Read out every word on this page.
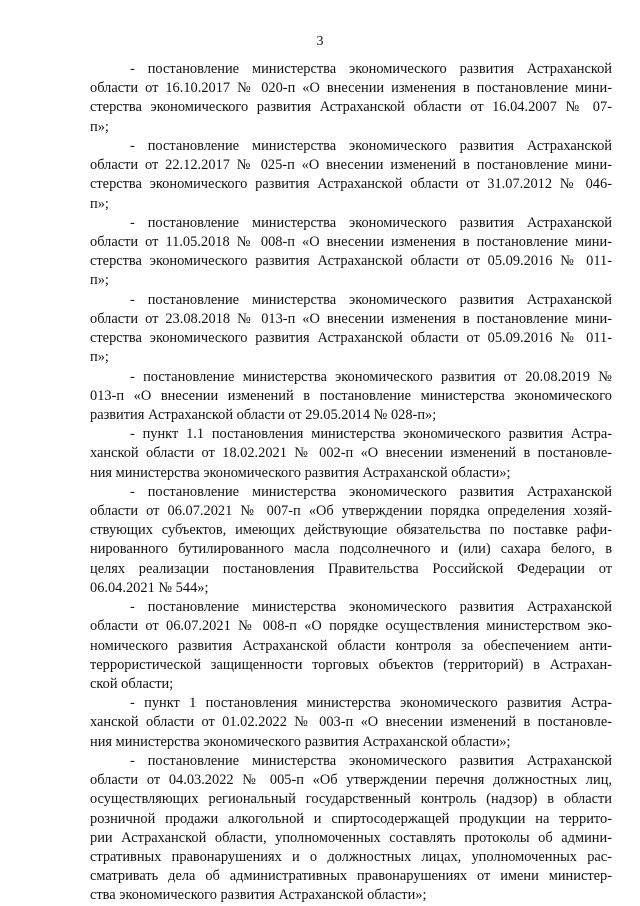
3
- постановление министерства экономического развития Астраханской
области от 16.10.2017 № 020-п «О внесении изменения в постановление мини-
стерства экономического развития Астраханской области от 16.04.2007 № 07-
п»;
- постановление министерства экономического развития Астраханской
области от 22.12.2017 № 025-п «О внесении изменений в постановление мини-
стерства экономического развития Астраханской области от 31.07.2012 № 046-
п»;
- постановление министерства экономического развития Астраханской
области от 11.05.2018 № 008-п «О внесении изменения в постановление мини-
стерства экономического развития Астраханской области от 05.09.2016 № 011-
п»;
- постановление министерства экономического развития Астраханской
области от 23.08.2018 № 013-п «О внесении изменения в постановление мини-
стерства экономического развития Астраханской области от 05.09.2016 № 011-
п»;
- постановление министерства экономического развития от 20.08.2019 №
013-п «О внесении изменений в постановление министерства экономического
развития Астраханской области от 29.05.2014 № 028-п»;
- пункт 1.1 постановления министерства экономического развития Астра-
ханской области от 18.02.2021 № 002-п «О внесении изменений в постановле-
ния министерства экономического развития Астраханской области»;
- постановление министерства экономического развития Астраханской
области от 06.07.2021 № 007-п «Об утверждении порядка определения хозяй-
ствующих субъектов, имеющих действующие обязательства по поставке рафи-
нированного бутилированного масла подсолнечного и (или) сахара белого, в
целях реализации постановления Правительства Российской Федерации от
06.04.2021 № 544»;
- постановление министерства экономического развития Астраханской
области от 06.07.2021 № 008-п «О порядке осуществления министерством эко-
номического развития Астраханской области контроля за обеспечением анти-
террористической защищенности торговых объектов (территорий) в Астрахан-
ской области;
- пункт 1 постановления министерства экономического развития Астра-
ханской области от 01.02.2022 № 003-п «О внесении изменений в постановле-
ния министерства экономического развития Астраханской области»;
- постановление министерства экономического развития Астраханской
области от 04.03.2022 № 005-п «Об утверждении перечня должностных лиц,
осуществляющих региональный государственный контроль (надзор) в области
розничной продажи алкогольной и спиртосодержащей продукции на террито-
рии Астраханской области, уполномоченных составлять протоколы об админи-
стративных правонарушениях и о должностных лицах, уполномоченных рас-
сматривать дела об административных правонарушениях от имени министер-
ства экономического развития Астраханской области»;
